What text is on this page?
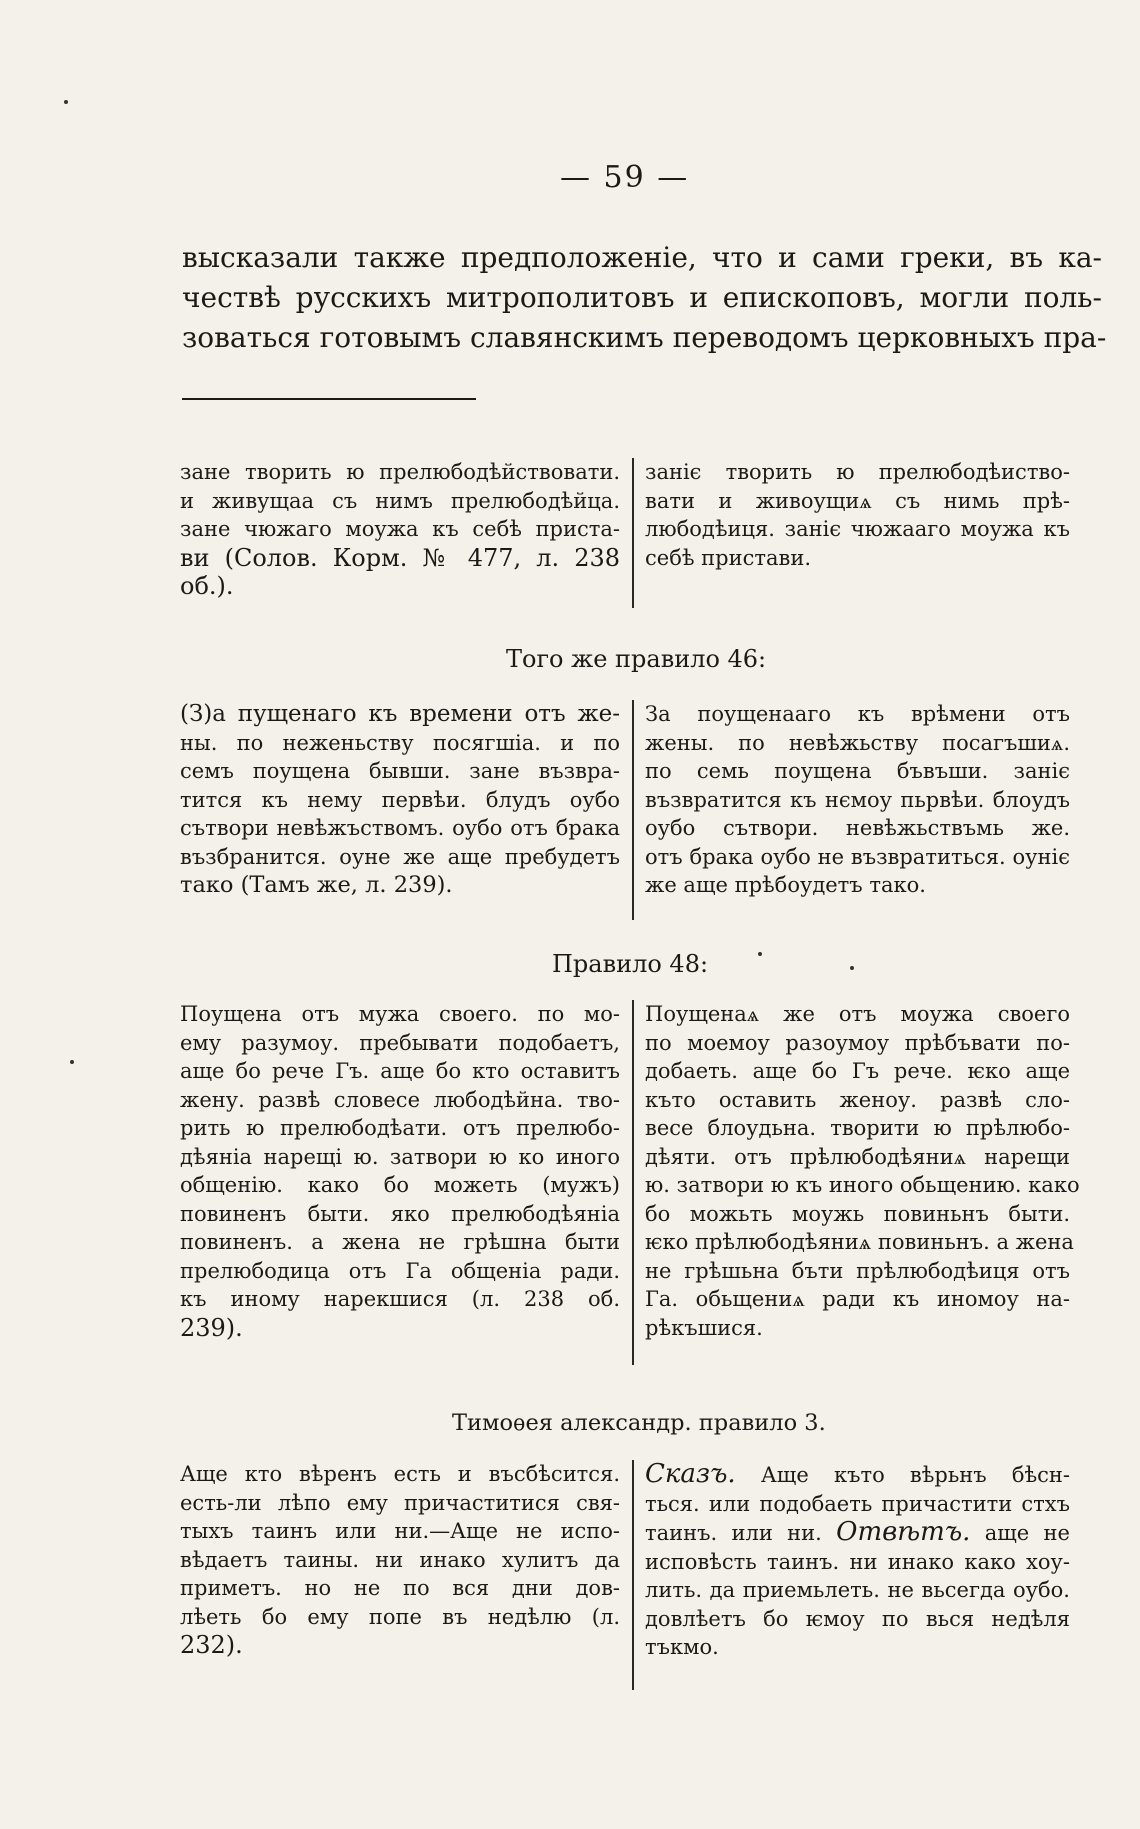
— 59 —
высказали также предположеніе, что и сами греки, въ ка-
чествѣ русскихъ митрополитовъ и епископовъ, могли поль-
зоваться готовымъ славянскимъ переводомъ церковныхъ пра-
зане творить ю прелюбодѣйствовати.
и живущаа съ нимъ прелюбодѣйца.
зане чюжаго моужа къ себѣ пристa-
ви (Солов. Корм. № 477, л. 238
об.).
заніє творить ю прелюбодѣиство-
вати и живоущиѧ съ нимь прѣ-
любодѣиця. заніє чюжаaго моужа къ
себѣ пристави.
Того же правило 46:
(З)а пущенаго къ времени отъ же-
ны. по неженьству посягшіа. и по
семъ поущена бывши. зане възвра-
тится къ нему первѣи. блудъ оубо
сътвори невѣжъствомъ. оубо отъ брака
възбранится. оуне же аще пребудетъ
тако (Тамъ же, л. 239).
За поущенаaго къ врѣмени отъ
жены. по невѣжьству посагъшиѧ.
по семь поущена бъвъши. заніє
възвратится къ нємоу пьрвѣи. блоудъ
оубо сътвори. невѣжьствъмь же.
отъ брака оубо не възвратиться. оуніє
же аще прѣбоудетъ тако.
Правило 48:
Поущена отъ мужа своего. по мо-
ему разумоу. пребывати подобаетъ,
аще бо рече Гъ. аще бо кто оставитъ
жену. развѣ словесе любодѣйна. тво-
рить ю прелюбодѣати. отъ прелюбо-
дѣяніа нарещі ю. затвори ю ко иного
общенію. како бо можеть (мужъ)
повиненъ быти. яко прелюбодѣяніа
повиненъ. а жена не грѣшна быти
прелюбодица отъ Га общеніа ради.
къ иному нарекшися (л. 238 об.
239).
Поущенаѧ же отъ моужа своего
по моемоу разоумоу прѣбъвати по-
добаеть. аще бо Гъ рече. ѥко аще
къто оставить женоу. развѣ сло-
весе блоудьна. творити ю прѣлюбо-
дѣяти. отъ прѣлюбодѣяниѧ нарещи
ю. затвори ю къ иного обьщению. како
бо можьть моужь повиньнъ быти.
ѥко прѣлюбодѣяниѧ повиньнъ. а жена
не грѣшьна бъти прѣлюбодѣиця отъ
Га. обьщениѧ ради къ иномоу на-
рѣкъшися.
Тимоѳея александр. правило 3.
Аще кто вѣренъ есть и въсбѣсится.
есть-ли лѣпо ему причаститися свя-
тыхъ таинъ или ни.—Аще не испо-
вѣдаетъ таины. ни инако хулитъ да
приметъ. но не по вся дни дов-
лѣеть бо ему попе въ недѣлю (л.
232).
Сказъ. Аще къто вѣрьнъ бѣсн-
ться. или подобаеть причастити стхъ
таинъ. или ни. Отвѣтъ. аще не
исповѣсть таинъ. ни инако како хоу-
лить. да приемьлеть. не вьсегда оубо.
довлѣетъ бо ѥмоу по вься недѣля
тъкмо.
